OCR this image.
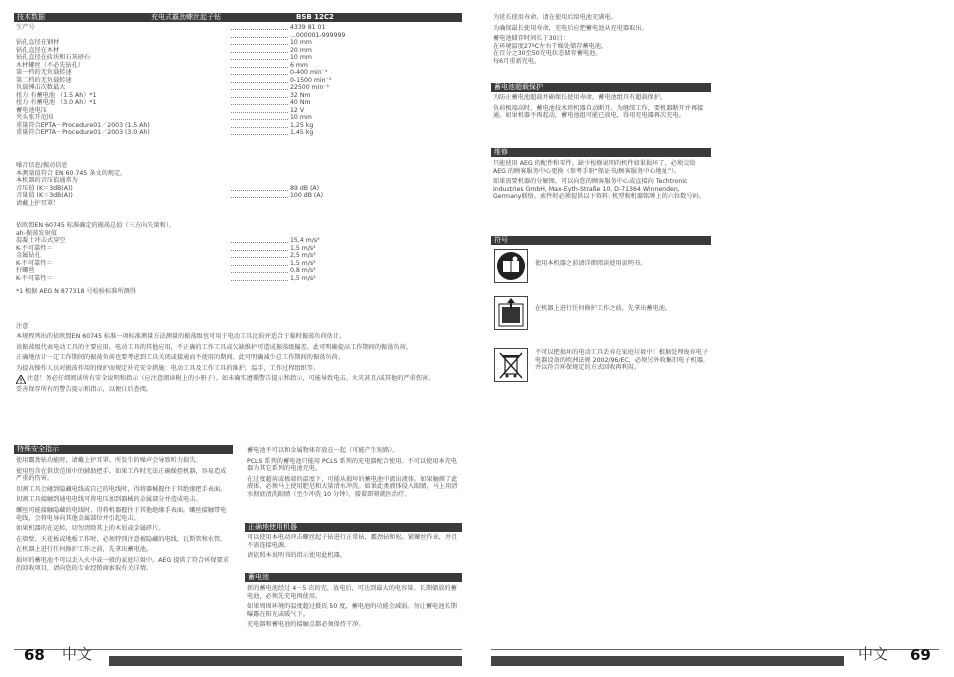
技术数据	充电式霸劲螺丝起子钻	BSB 12C2
生产号	4339 81 01
...000001-999999
钻孔直径在钢材	10 mm
钻孔直径在木材	20 mm
钻孔直径在砖块和石灰砂石	10 mm
木材螺丝（不必先钻孔）	6 mm
第一档的无负载转速	0-400 min⁻¹
第二档的无负载转速	0-1500 min⁻¹
负载锤击次数最大	22500 min⁻¹
扭力 有蓄电池 （1.5 Ah）*1	32 Nm
扭力 有蓄电池 （3.0 Ah）*1	40 Nm
蓄电池电压	12 V
夹头张开范围	10 mm
重量符合EPTA－Procedure01／2003 (1.5 Ah)	1,25 kg
重量符合EPTA－Procedure01／2003 (3.0 Ah)	1,45 kg
噪音信息/振动信息
本测量值符合 EN 60 745 条文的规定。
本机器的音压值通常为
音压值 (K＝3dB(A))	89 dB (A)
音量值 (K＝3dB(A))	100 dB (A)
请戴上护耳罩！
依欧盟EN 60745 标准确定的振荡总值（三方向矢量和）。
ah-振荡发射值
混凝土冲击式穿空	15,4 m/s²
K-不可靠性＝	1,5 m/s²
金属钻孔	2,5 m/s²
K-不可靠性＝	1,5 m/s²
拧螺丝	0,8 m/s²
K-不可靠性＝	1,5 m/s²
*1 根据 AEG N 877318 号检验标准所测得
注意

本规程列出的依欧盟EN 60745 标准一项标准测量方法测量的振荡级也可用于电动工具比较并适合于临时振荡负荷估计。

该振荡级代表电动工具的主要应用。电动工具的其他应用，不正确的工作工具或欠缺维护可造成振荡级偏差。此可明确提高工作期间的振荡负荷。

正确地估计一定工作期间的振荡负荷也要考虑到工具关闭或接通而不使用的期间。此可明确减少总工作期间的振荡负荷。

为提高操作人员对振荡作用的保护而规定补充安全措施：电动工具及工作工具的维护，温手，工作过程组织等。

注意！务必仔细阅读所有安全说明和指示（应注意阅读附上的小册子）。如未确实遵循警告提示和指示，可能导致电击、火灾甚且/或其他的严重伤害。

妥善保存所有的警告提示和指示，以便日后查阅。

特殊安全指示

使用霸劲钻功能时，请戴上护耳罩。所发生的噪声会导致听力损失。

使用包含在供货范围中的辅助把手。如果工作时无法正确操控机器，容易造成严重的伤害。

切割工具会碰到隐藏电线或自己的电线时，得将器械握住于其绝缘把手表面。

切割工具接触到通电电线可将电压加到器械的金属部分并造成电击。

螺丝可能接触隐藏的电线时，得将机器握住于其他绝缘手表面。螺丝接触带电电线，会将电导向其他金属部位并引起电击。

如果机器的在运转，切勿清除其上的木屑或金属碎片。

在墙壁、天花板或地板工作时，必须特别注意被隐藏的电线，瓦斯管和水管。

在机器上进行任何修护工作之前，先拿出蓄电池。

损坏的蓄电池不可以丢入火中或一般的家庭垃圾中。AEG 提供了符合环保要求的回收项目，请向您的专业经销商索取有关详情。

蓄电池不可以和金属物体存放在一起（可能产生短路）。

PCLS 系列的蓄电池只能用 PCLS 系列的充电器配合使用。不可以使用本充电器为其它系列的电池充电。

在过度超荷或极端的温度下，可能从损坏的蓄电池中流出液体。如果触摸了此液体，必须马上使用肥皂和大量清水冲洗。如果此类液体侵入眼睛，马上用清水彻底清洗眼睛（至少冲洗 10 分钟），接着即刻就医治疗。

正确地使用机器

可以使用本电动冲击螺丝起子钻进行正常钻，霸劲钻和松、紧螺丝作业，并且不需连接电源。

请依照本说明书的指示使用此机器。

蓄电池

新的蓄电池经过 4－5 次的充，放电后，可达到最大的电容量。长期储放的蓄电池，必须先充电再使用。

如果周围环境的温度超过摄氏 50 度，蓄电池的功能会减弱。勿让蓄电池长期曝露在阳光或暖气下。

充电器和蓄电池的接触点都必须保持干净。

68 中文

为延长使用寿命，请在使用后给电池充满电。

为确保最长使用寿命，充电后应把蓄电池从充电器取出。

蓄电池储存时间长于30日：
在环境温度27ºC左右干燥处储存蓄电池。
在百分之30至50充电状态储存蓄电池。
每6月重新充电。
蓄电池超载保护

为防止蓄电池超载并确保长使用寿命，蓄电池组具有超载保护。

负荷极端高时，蓄电池技术将机器自动断开。为继续工作，要机器断开并再接通。如果机器不再起动，蓄电池组可能已放电，得用充电器再次充电。

维修

只能使用 AEG 的配件和零件。缺少检修说明的机件如果损坏了，必须交给 AEG 的顾客服务中心更换（参考手册“保证书/顾客服务中心地址”）。

如果需要机器的分解图，可以向您的顾客服务中心或直接向 Techtronic Industries GmbH, Max-Eyth-Straße 10, D-71364 Winnenden, Germany联络。索件时必须提供以下资料: 机型和机器铭牌上的六位数号码。

符号
使用本机器之前请详细阅读使用说明书。
在机器上进行任何修护工作之前，先拿出蓄电池。
不可以把损坏的电动工具丢弃在家庭垃圾中！根据处理废弃电子电器设备的欧洲法规 2002/96/EC，必须另外收集旧电子机器，并以符合环保规定的方式回收再利用。
中文 69
